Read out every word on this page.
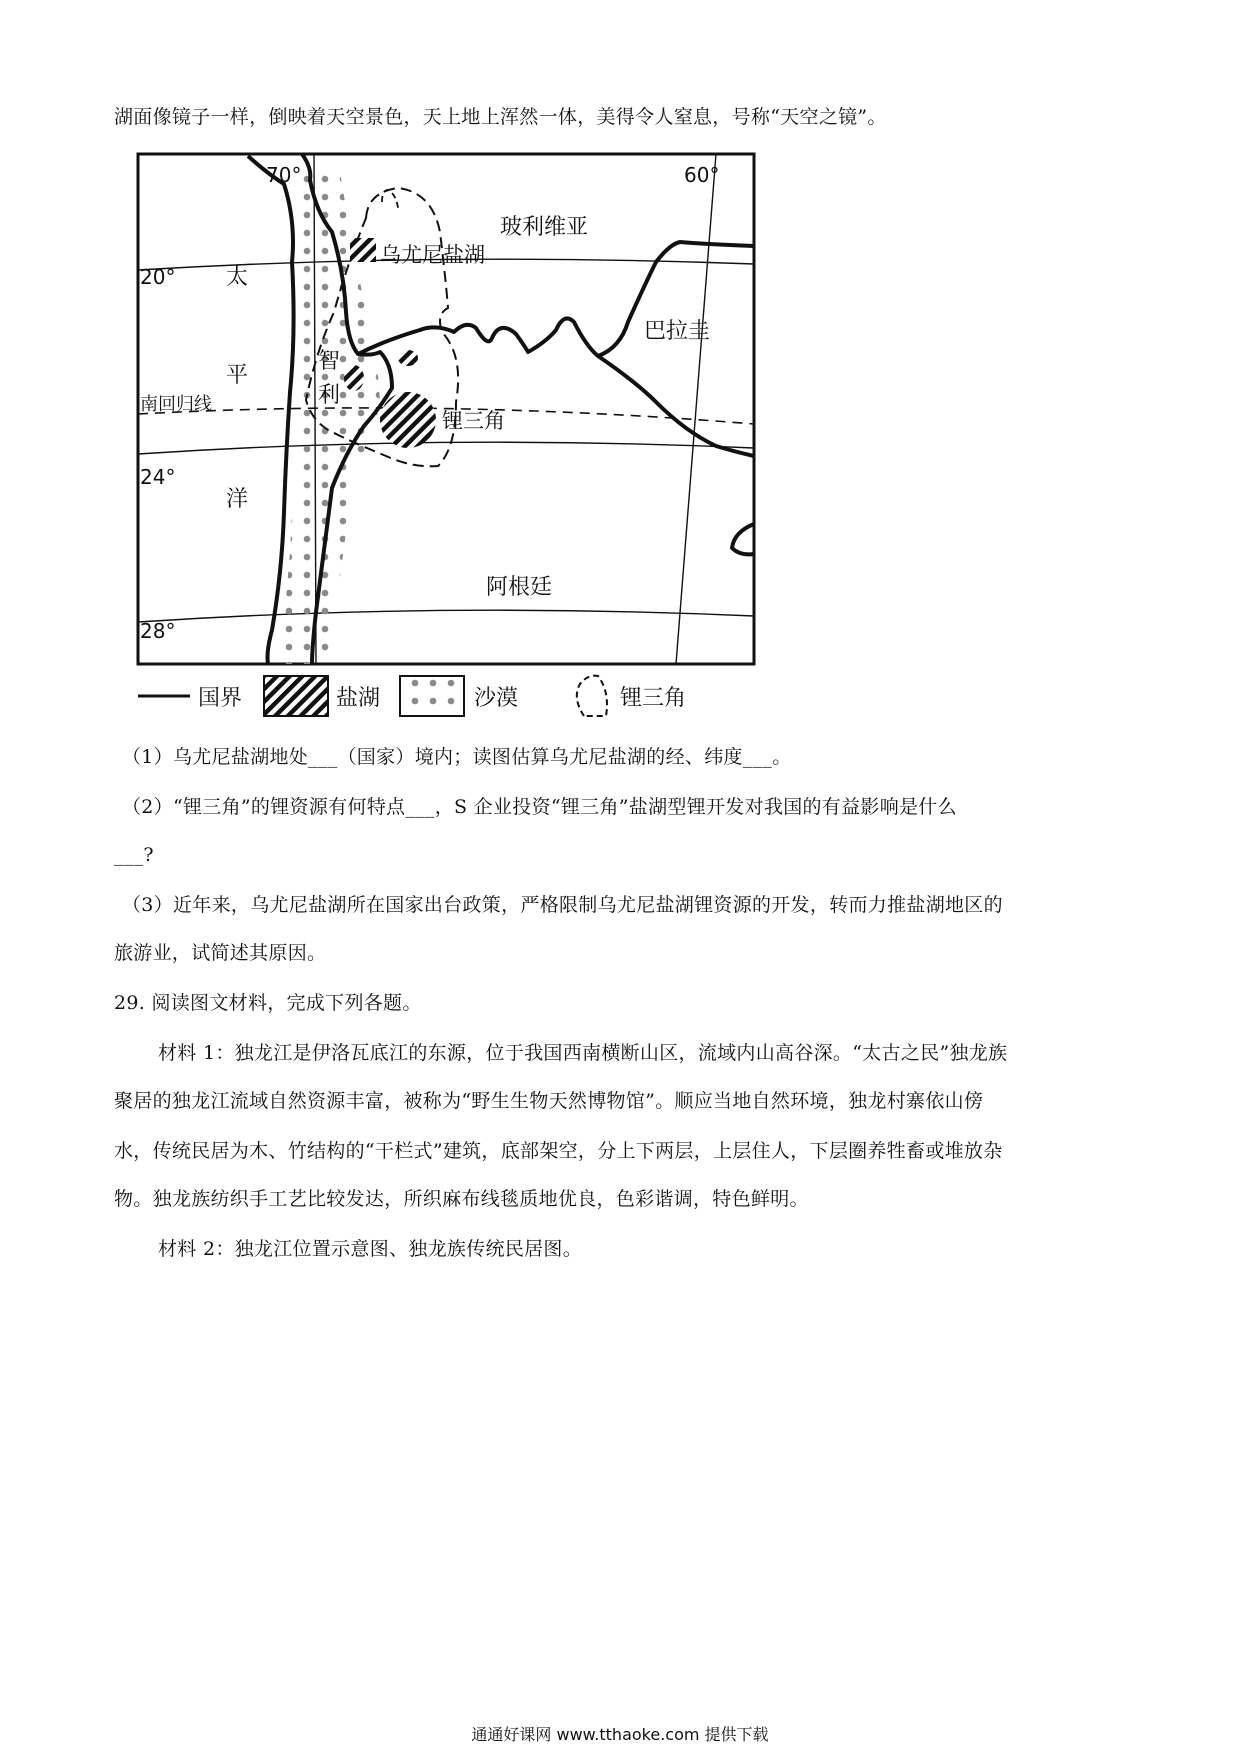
湖面像镜子一样，倒映着天空景色，天上地上浑然一体，美得令人窒息，号称“天空之镜”。
70°	60°
20°
24°
28°
南回归线
玻利维亚
巴拉圭
阿根廷
智
利
太
平
洋
乌尤尼盐湖
锂三角
国界	盐湖	沙漠	锂三角
（1）乌尤尼盐湖地处___（国家）境内；读图估算乌尤尼盐湖的经、纬度___。
（2）“锂三角”的锂资源有何特点___，S 企业投资“锂三角”盐湖型锂开发对我国的有益影响是什么
___?
（3）近年来，乌尤尼盐湖所在国家出台政策，严格限制乌尤尼盐湖锂资源的开发，转而力推盐湖地区的
旅游业，试简述其原因。
29. 阅读图文材料，完成下列各题。
材料 1：独龙江是伊洛瓦底江的东源，位于我国西南横断山区，流域内山高谷深。“太古之民”独龙族
聚居的独龙江流域自然资源丰富，被称为“野生生物天然博物馆”。顺应当地自然环境，独龙村寨依山傍
水，传统民居为木、竹结构的“干栏式”建筑，底部架空，分上下两层，上层住人，下层圈养牲畜或堆放杂
物。独龙族纺织手工艺比较发达，所织麻布线毯质地优良，色彩谐调，特色鲜明。
材料 2：独龙江位置示意图、独龙族传统民居图。
通通好课网 www.tthaoke.com 提供下载
